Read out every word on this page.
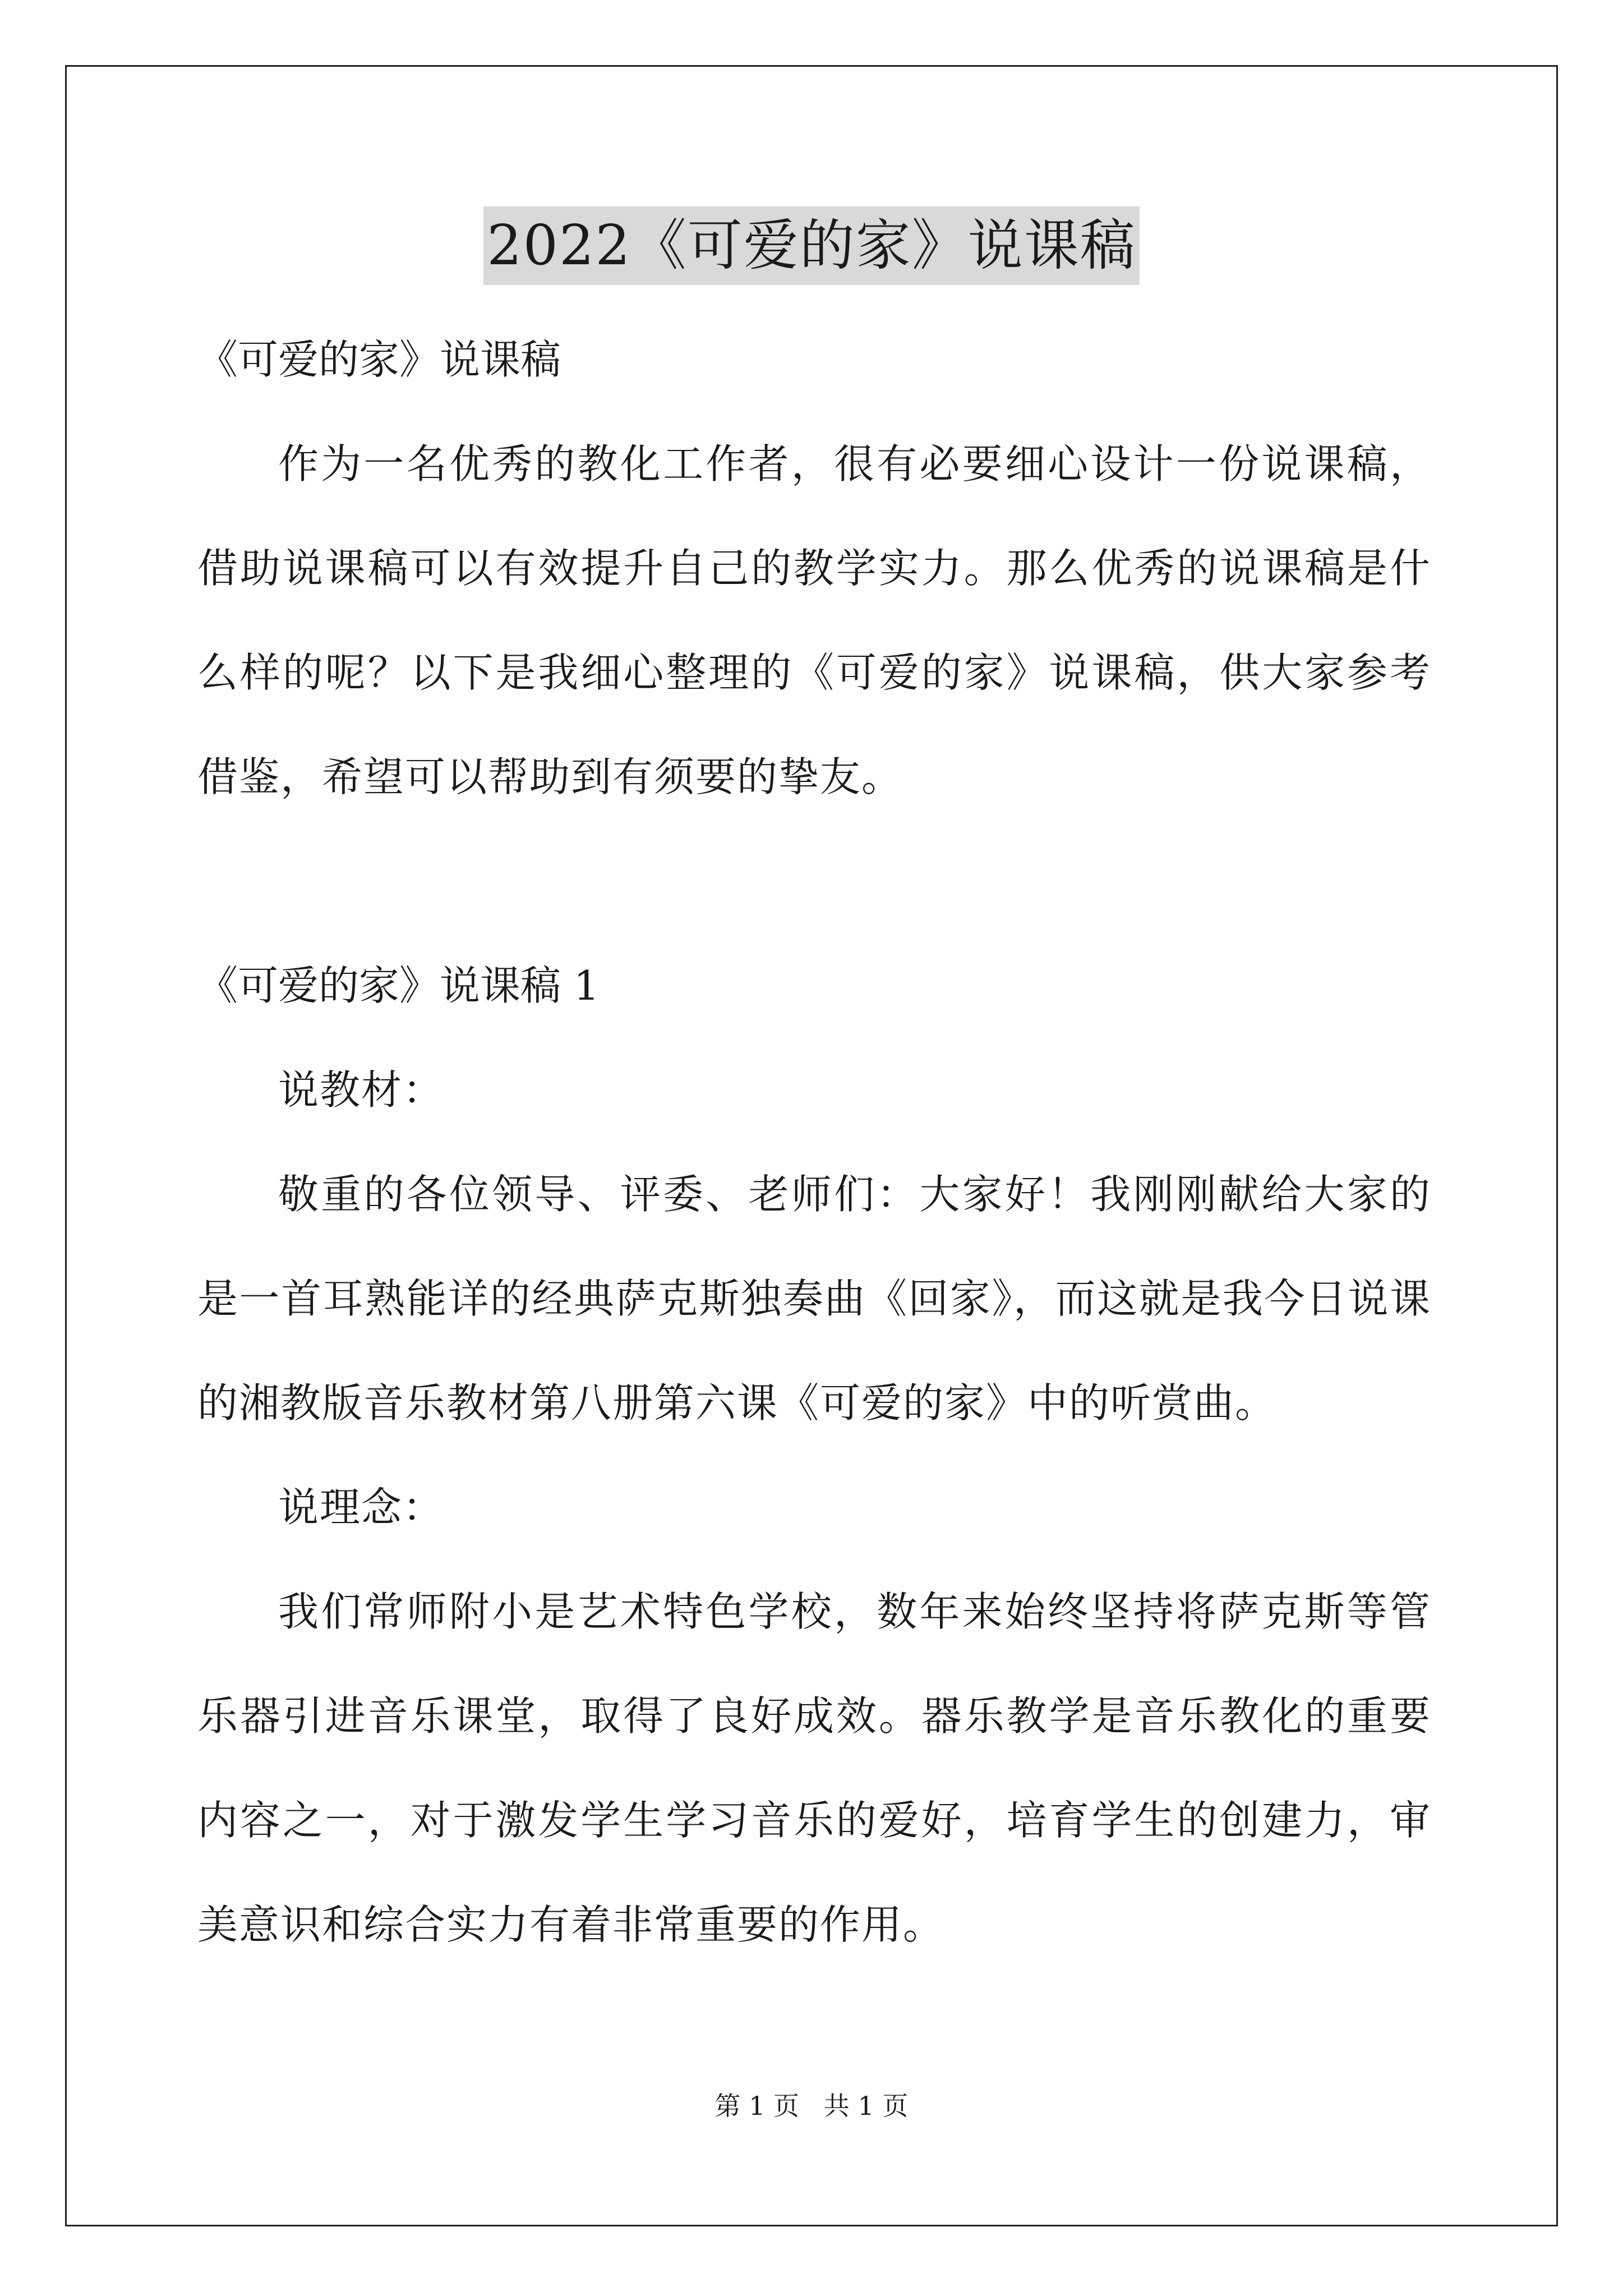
2022《可爱的家》说课稿

《可爱的家》说课稿

作为一名优秀的教化工作者，很有必要细心设计一份说课稿，借助说课稿可以有效提升自己的教学实力。那么优秀的说课稿是什么样的呢？以下是我细心整理的《可爱的家》说课稿，供大家参考借鉴，希望可以帮助到有须要的挚友。

《可爱的家》说课稿 1

说教材：

敬重的各位领导、评委、老师们：大家好！我刚刚献给大家的是一首耳熟能详的经典萨克斯独奏曲《回家》，而这就是我今日说课的湘教版音乐教材第八册第六课《可爱的家》中的听赏曲。

说理念：

我们常师附小是艺术特色学校，数年来始终坚持将萨克斯等管乐器引进音乐课堂，取得了良好成效。器乐教学是音乐教化的重要内容之一，对于激发学生学习音乐的爱好，培育学生的创建力，审美意识和综合实力有着非常重要的作用。

第 1 页   共 1 页
